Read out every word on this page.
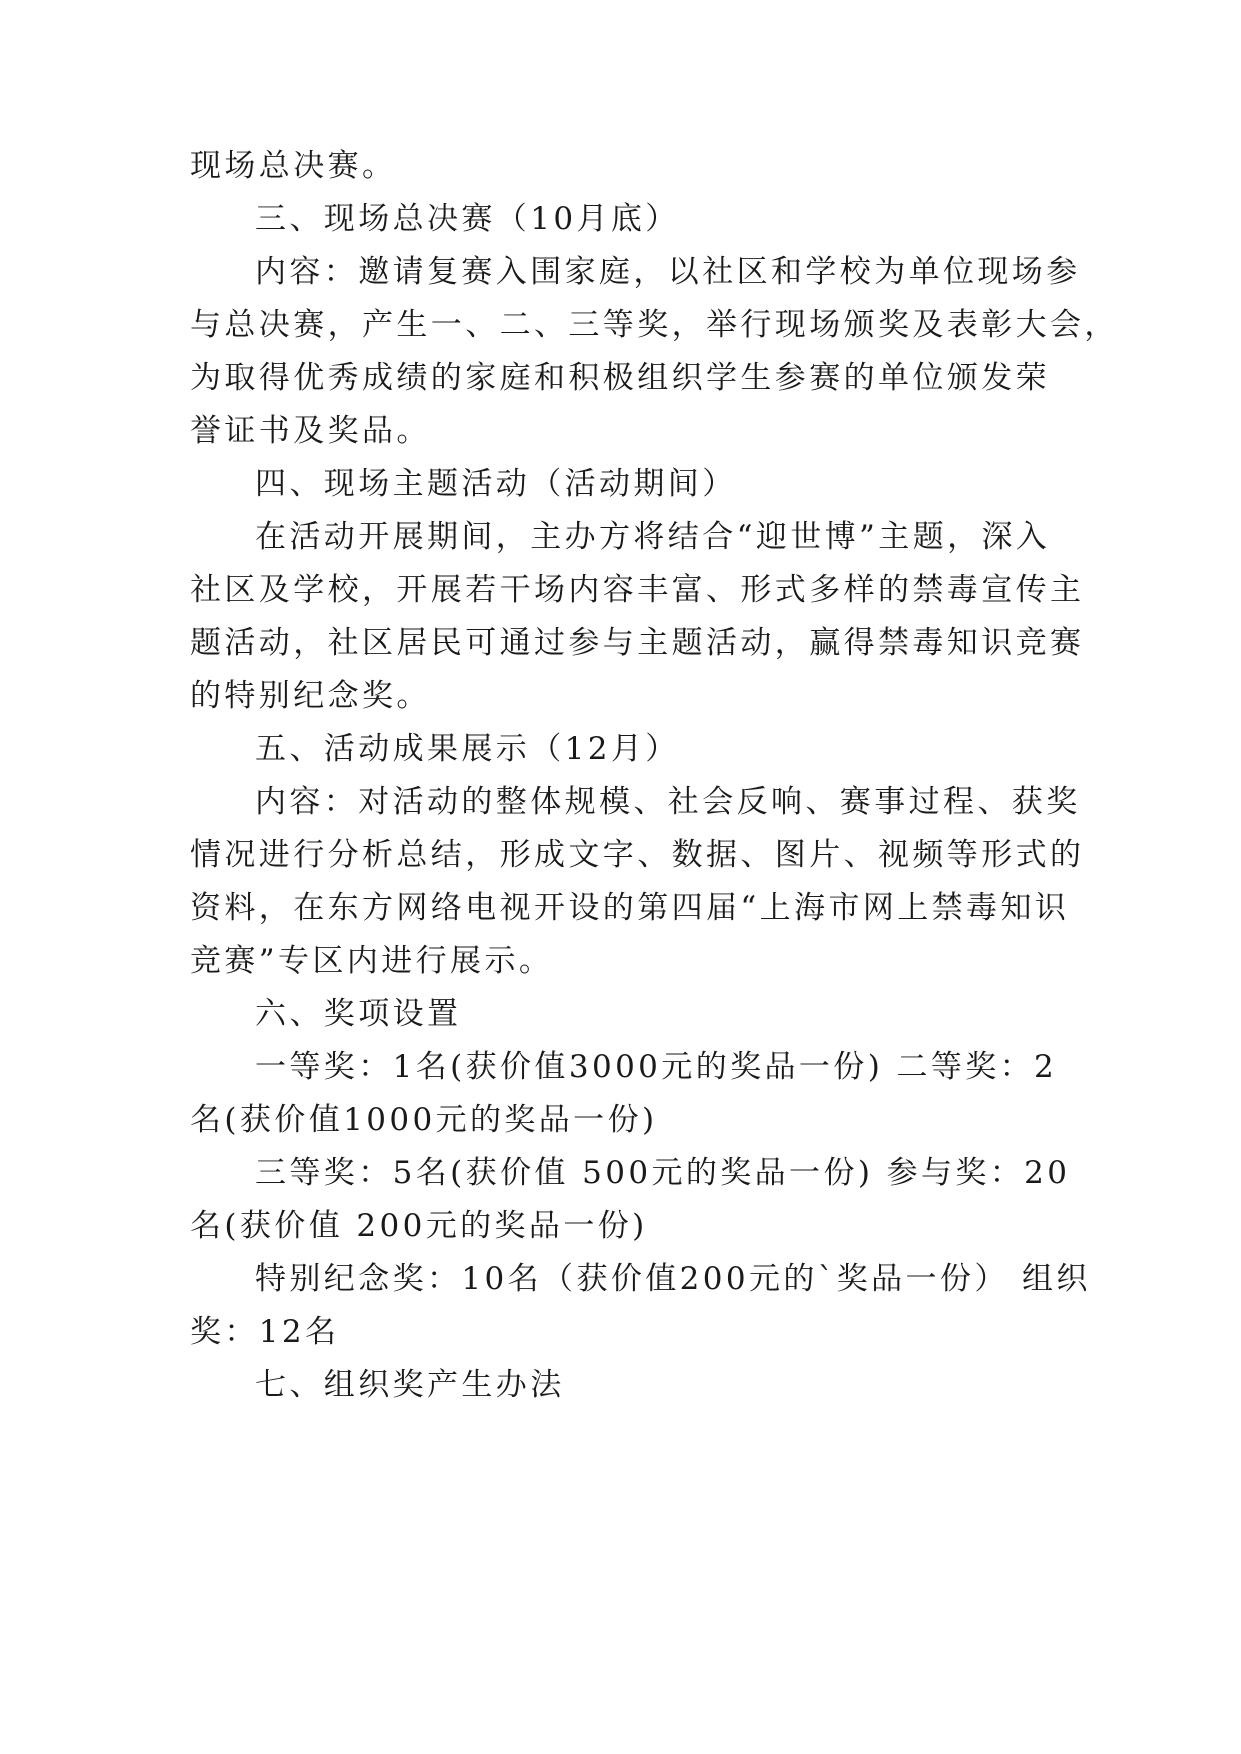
现场总决赛。
三、现场总决赛（10月底）
内容：邀请复赛入围家庭，以社区和学校为单位现场参
与总决赛，产生一、二、三等奖，举行现场颁奖及表彰大会，
为取得优秀成绩的家庭和积极组织学生参赛的单位颁发荣
誉证书及奖品。
四、现场主题活动（活动期间）
在活动开展期间，主办方将结合“迎世博”主题，深入
社区及学校，开展若干场内容丰富、形式多样的禁毒宣传主
题活动，社区居民可通过参与主题活动，赢得禁毒知识竞赛
的特别纪念奖。
五、活动成果展示（12月）
内容：对活动的整体规模、社会反响、赛事过程、获奖
情况进行分析总结，形成文字、数据、图片、视频等形式的
资料，在东方网络电视开设的第四届“上海市网上禁毒知识
竞赛”专区内进行展示。
六、奖项设置
一等奖：1名(获价值3000元的奖品一份) 二等奖：2
名(获价值1000元的奖品一份)
三等奖：5名(获价值 500元的奖品一份) 参与奖：20
名(获价值 200元的奖品一份)
特别纪念奖：10名（获价值200元的`奖品一份） 组织
奖：12名
七、组织奖产生办法
